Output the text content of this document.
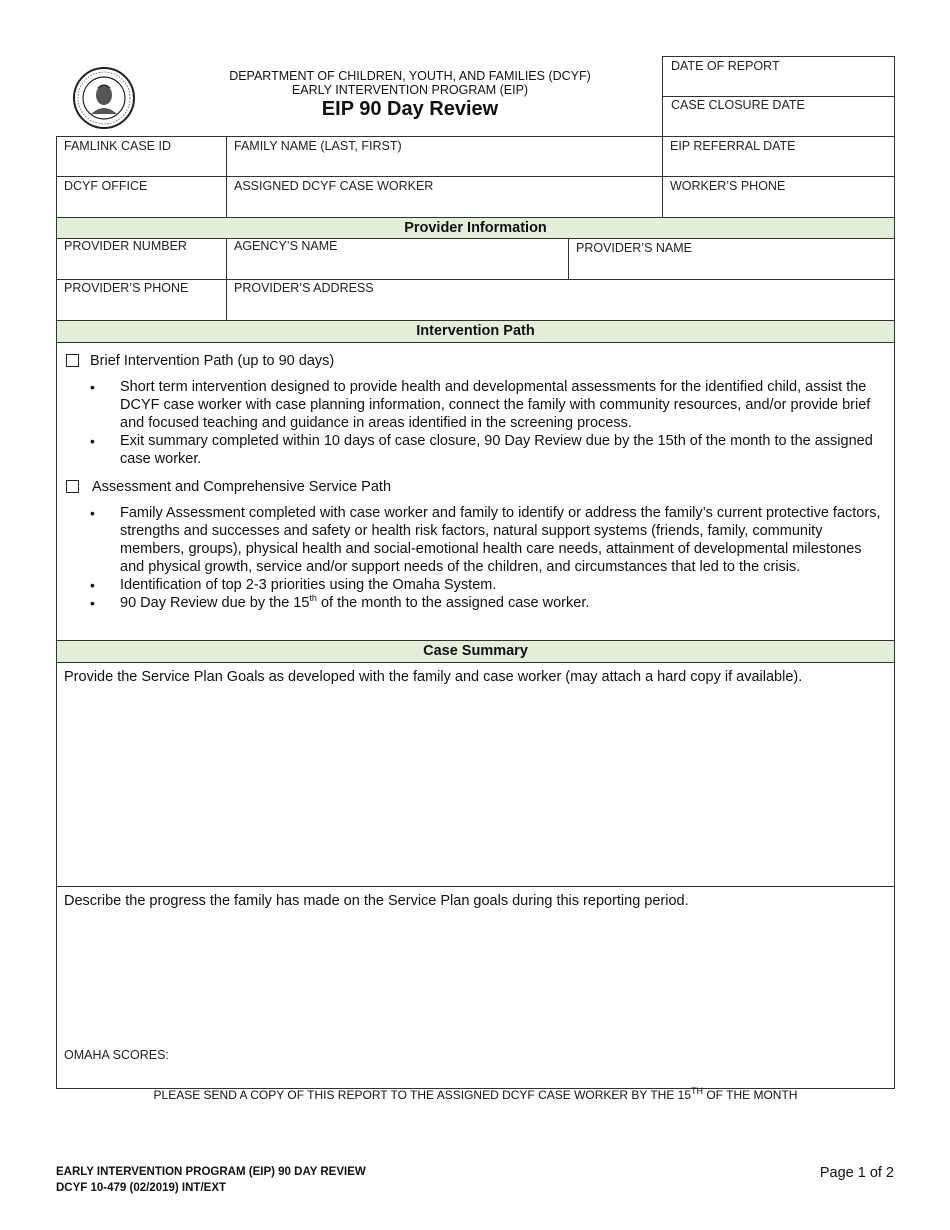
DEPARTMENT OF CHILDREN, YOUTH, AND FAMILIES (DCYF)
EARLY INTERVENTION PROGRAM (EIP)
EIP 90 Day Review
DATE OF REPORT
CASE CLOSURE DATE
FAMLINK CASE ID	FAMILY NAME (LAST, FIRST)	EIP REFERRAL DATE
DCYF OFFICE	ASSIGNED DCYF CASE WORKER	WORKER’S PHONE
Provider Information
PROVIDER NUMBER	AGENCY’S NAME	PROVIDER’S NAME
PROVIDER’S PHONE	PROVIDER’S ADDRESS
Intervention Path
Brief Intervention Path (up to 90 days)
• Short term intervention designed to provide health and developmental assessments for the identified child, assist the DCYF case worker with case planning information, connect the family with community resources, and/or provide brief and focused teaching and guidance in areas identified in the screening process.
• Exit summary completed within 10 days of case closure, 90 Day Review due by the 15th of the month to the assigned case worker.
Assessment and Comprehensive Service Path
• Family Assessment completed with case worker and family to identify or address the family’s current protective factors, strengths and successes and safety or health risk factors, natural support systems (friends, family, community members, groups), physical health and social-emotional health care needs, attainment of developmental milestones and physical growth, service and/or support needs of the children, and circumstances that led to the crisis.
• Identification of top 2-3 priorities using the Omaha System.
• 90 Day Review due by the 15th of the month to the assigned case worker.
Case Summary
Provide the Service Plan Goals as developed with the family and case worker (may attach a hard copy if available).
Describe the progress the family has made on the Service Plan goals during this reporting period.
OMAHA SCORES:
PLEASE SEND A COPY OF THIS REPORT TO THE ASSIGNED DCYF CASE WORKER BY THE 15TH OF THE MONTH
EARLY INTERVENTION PROGRAM (EIP) 90 DAY REVIEW
DCYF 10-479 (02/2019) INT/EXT
Page 1 of 2
